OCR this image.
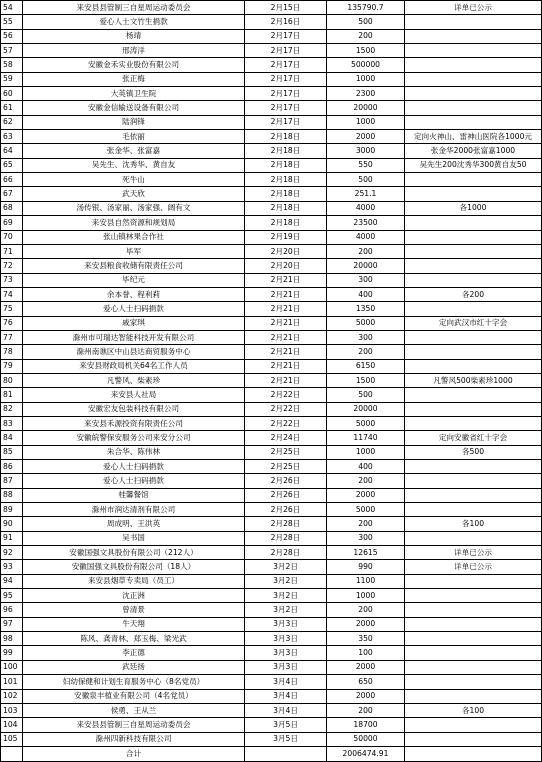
54	来安县县管制三自星周运动委员会	2月15日	135790.7	详单已公示
55	爱心人士文竹生捐款	2月16日	500	
56	杨靖	2月17日	200	
57	邢涛洋	2月17日	1500	
58	安徽金禾实业股份有限公司	2月17日	500000	
59	张正梅	2月17日	1000	
60	大英镇卫生院	2月17日	2300	
61	安徽金信输送设备有限公司	2月17日	20000	
62	陆润锋	2月17日	1000	
63	毛依丽	2月18日	2000	定向火神山、雷神山医院各1000元
64	张金华、张富嘉	2月18日	3000	张金华2000张富嘉1000
65	吴先生、沈秀华、黄自友	2月18日	550	吴先生200沈秀华300黄自友50
66	死牛山	2月18日	500	
67	武天欣	2月18日	251.1	
68	汤传银、汤家丽、汤家强、阔有文	2月18日	4000	各1000
69	来安县自然资源和规划局	2月18日	23500	
70	张山镇林果合作社	2月19日	4000	
71	毕军	2月20日	200	
72	来安县粮食收储有限责任公司	2月20日	20000	
73	毕纪元	2月21日	300	
74	余本誉、程利莉	2月21日	400	各200
75	爱心人士扫码捐款	2月21日	1350	
76	戚家琪	2月21日	5000	定向武汉市红十字会
77	滁州市可瑞达智能科技开发有限公司	2月21日	300	
78	滁州南谯区中山县达商贸服务中心	2月21日	200	
79	来安县财政局机关64名工作人员	2月21日	6150	
80	凡警风、柴素珍	2月21日	1500	凡警风500柴素珍1000
81	来安县人社局	2月22日	500	
82	安徽宏友包装科技有限公司	2月22日	20000	
83	来安县禾源投资有限责任公司	2月22日	5000	
84	安徽皖警保安服务公司来安分公司	2月24日	11740	定向安徽省红十字会
85	朱合华、陈伟林	2月25日	1000	各500
86	爱心人士扫码捐款	2月25日	400	
87	爱心人士扫码捐款	2月26日	200	
88	桂馨餐馆	2月26日	2000	
89	滁州市润达清剂有限公司	2月26日	5000	
90	周成明、王洪英	2月28日	200	各100
91	吴书国	2月28日	300	
92	安徽国强文具股份有限公司（212人）	2月28日	12615	详单已公示
93	安徽国强文具股份有限公司（18人）	3月2日	990	详单已公示
94	来安县烟草专卖局（员工）	3月2日	1100	
95	沈正洲	3月2日	1000	
96	曾清景	3月2日	200	
97	牛天翔	3月3日	2000	
98	陈风、龚青林、郑玉梅、梁光武	3月3日	350	
99	李正德	3月3日	100	
100	武廷扬	3月3日	2000	
101	妇幼保健和计划生育服务中心（8名党员）	3月4日	650	
102	安徽泉丰植业有限公司（4名党员）	3月4日	2000	
103	侯勇、王从兰	3月4日	200	各100
104	来安县县管制三自星周运动委员会	3月5日	18700	
105	滁州四新科技有限公司	3月5日	50000	
	合计		2006474.91	
